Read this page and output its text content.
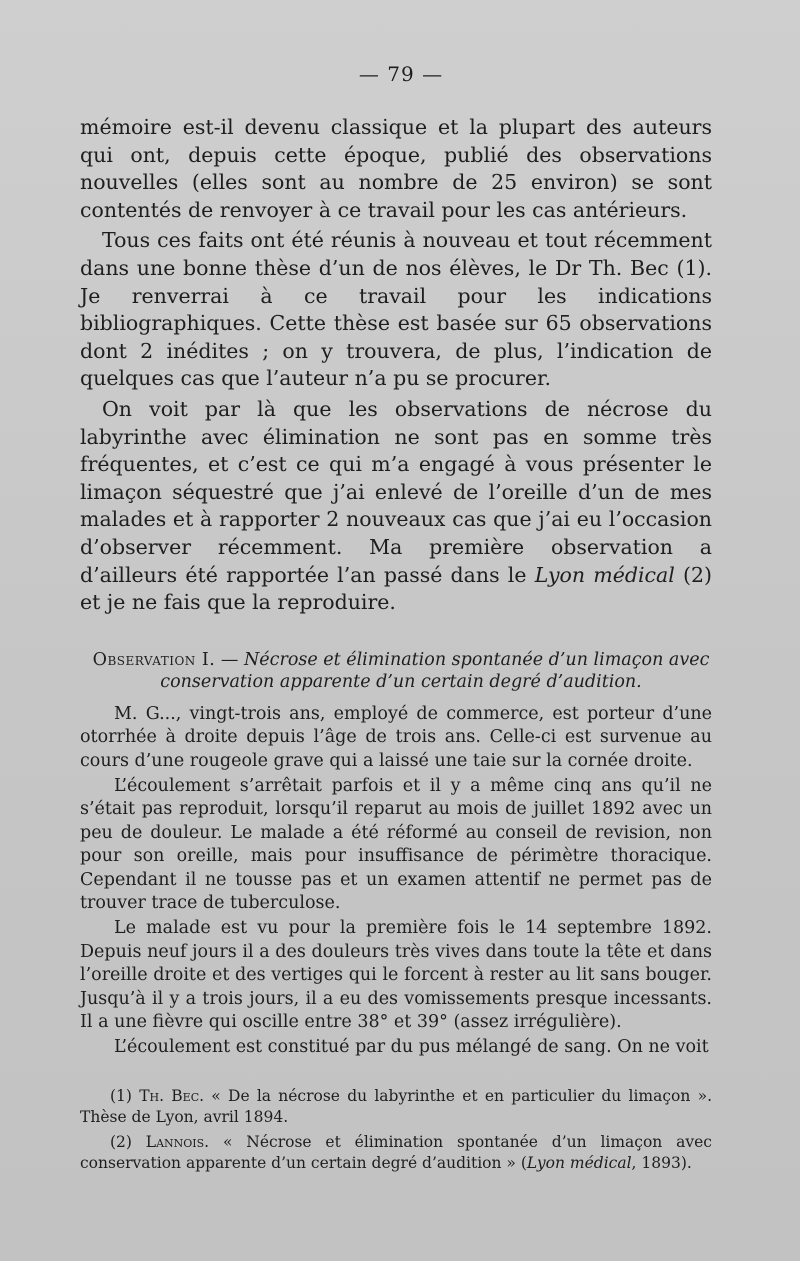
— 79 —

mémoire est-il devenu classique et la plupart des auteurs qui ont, depuis cette époque, publié des observations nouvelles (elles sont au nombre de 25 environ) se sont contentés de renvoyer à ce travail pour les cas antérieurs.

Tous ces faits ont été réunis à nouveau et tout récemment dans une bonne thèse d’un de nos élèves, le Dr Th. Bec (1). Je renverrai à ce travail pour les indications bibliographiques. Cette thèse est basée sur 65 observations dont 2 inédites ; on y trouvera, de plus, l’indication de quelques cas que l’auteur n’a pu se procurer.

On voit par là que les observations de nécrose du labyrinthe avec élimination ne sont pas en somme très fréquentes, et c’est ce qui m’a engagé à vous présenter le limaçon séquestré que j’ai enlevé de l’oreille d’un de mes malades et à rapporter 2 nouveaux cas que j’ai eu l’occasion d’observer récemment. Ma première observation a d’ailleurs été rapportée l’an passé dans le Lyon médical (2) et je ne fais que la reproduire.

Observation I. — Nécrose et élimination spontanée d’un limaçon avec conservation apparente d’un certain degré d’audition.

M. G..., vingt-trois ans, employé de commerce, est porteur d’une otorrhée à droite depuis l’âge de trois ans. Celle-ci est survenue au cours d’une rougeole grave qui a laissé une taie sur la cornée droite.

L’écoulement s’arrêtait parfois et il y a même cinq ans qu’il ne s’était pas reproduit, lorsqu’il reparut au mois de juillet 1892 avec un peu de douleur. Le malade a été réformé au conseil de revision, non pour son oreille, mais pour insuffisance de périmètre thoracique. Cependant il ne tousse pas et un examen attentif ne permet pas de trouver trace de tuberculose.

Le malade est vu pour la première fois le 14 septembre 1892. Depuis neuf jours il a des douleurs très vives dans toute la tête et dans l’oreille droite et des vertiges qui le forcent à rester au lit sans bouger. Jusqu’à il y a trois jours, il a eu des vomissements presque incessants. Il a une fièvre qui oscille entre 38° et 39° (assez irrégulière).

L’écoulement est constitué par du pus mélangé de sang. On ne voit

(1) Th. Bec. « De la nécrose du labyrinthe et en particulier du limaçon ». Thèse de Lyon, avril 1894.

(2) Lannois. « Nécrose et élimination spontanée d’un limaçon avec conservation apparente d’un certain degré d’audition » (Lyon médical, 1893).
